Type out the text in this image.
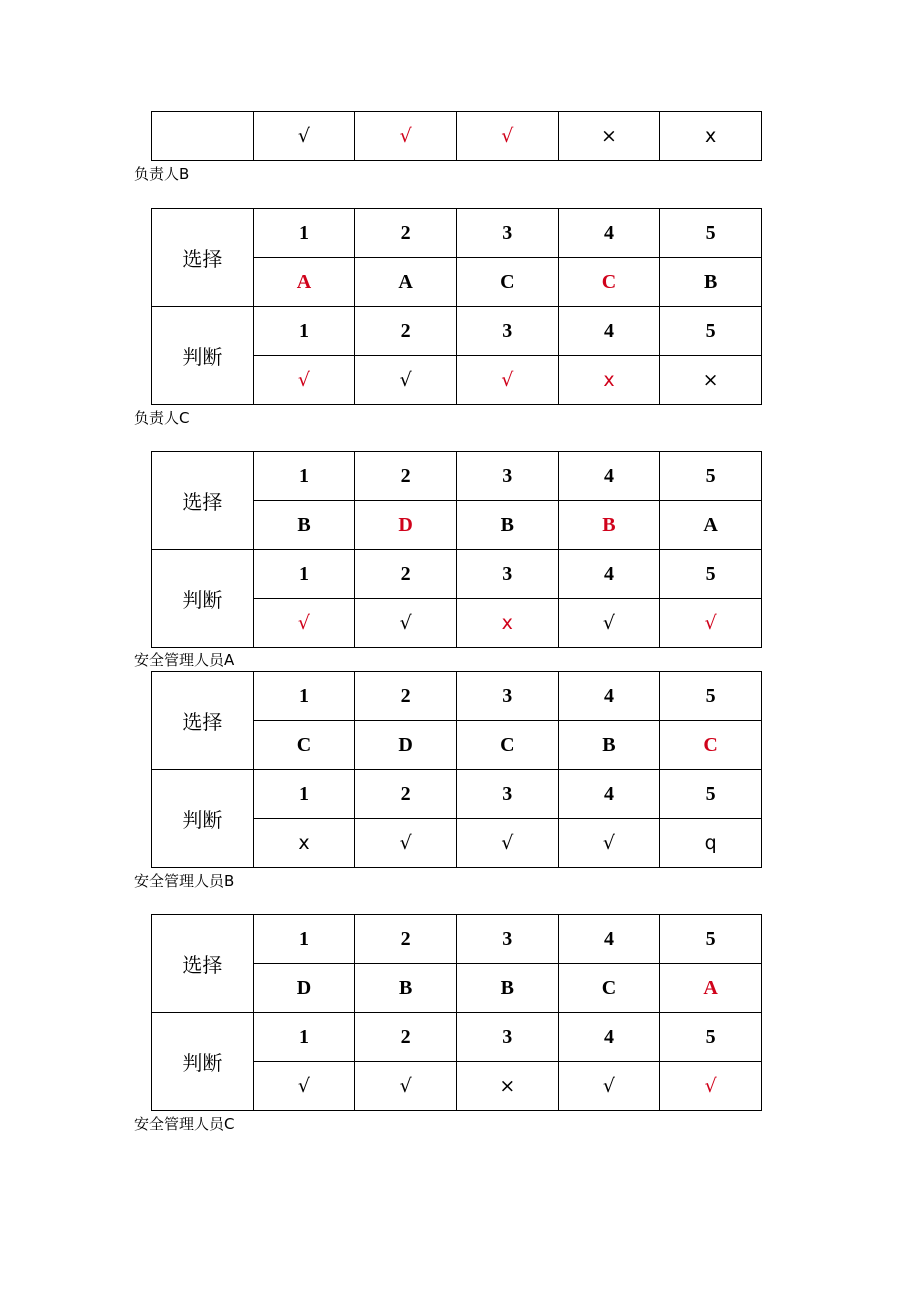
	√	√	√	×	x
负责人B
选择	1	2	3	4	5
	A	A	C	C	B
判断	1	2	3	4	5
	√	√	√	x	×
负责人C
选择	1	2	3	4	5
	B	D	B	B	A
判断	1	2	3	4	5
	√	√	x	√	√
安全管理人员A
选择	1	2	3	4	5
	C	D	C	B	C
判断	1	2	3	4	5
	x	√	√	√	q
安全管理人员B
选择	1	2	3	4	5
	D	B	B	C	A
判断	1	2	3	4	5
	√	√	×	√	√
安全管理人员C
